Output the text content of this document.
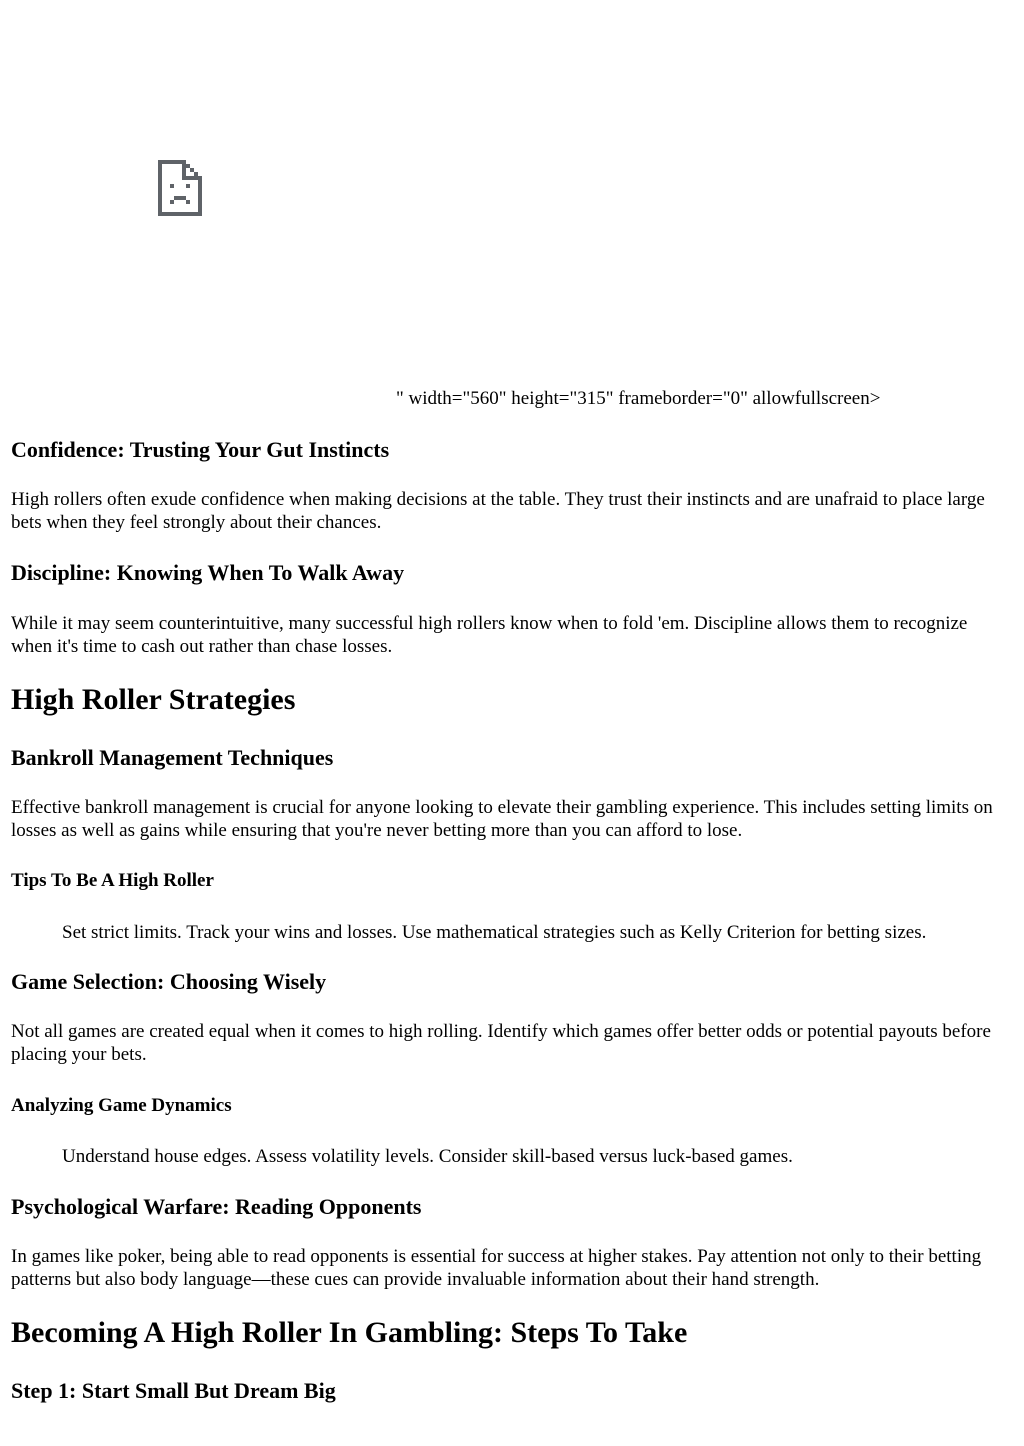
" width="560" height="315" frameborder="0" allowfullscreen>
Confidence: Trusting Your Gut Instincts

High rollers often exude confidence when making decisions at the table. They trust their instincts and are unafraid to place large bets when they feel strongly about their chances.

Discipline: Knowing When To Walk Away

While it may seem counterintuitive, many successful high rollers know when to fold 'em. Discipline allows them to recognize when it's time to cash out rather than chase losses.

High Roller Strategies
Bankroll Management Techniques

Effective bankroll management is crucial for anyone looking to elevate their gambling experience. This includes setting limits on losses as well as gains while ensuring that you're never betting more than you can afford to lose.

Tips To Be A High Roller

Set strict limits. Track your wins and losses. Use mathematical strategies such as Kelly Criterion for betting sizes.

Game Selection: Choosing Wisely

Not all games are created equal when it comes to high rolling. Identify which games offer better odds or potential payouts before placing your bets.

Analyzing Game Dynamics

Understand house edges. Assess volatility levels. Consider skill-based versus luck-based games.

Psychological Warfare: Reading Opponents

In games like poker, being able to read opponents is essential for success at higher stakes. Pay attention not only to their betting patterns but also body language—these cues can provide invaluable information about their hand strength.

Becoming A High Roller In Gambling: Steps To Take
Step 1: Start Small But Dream Big
